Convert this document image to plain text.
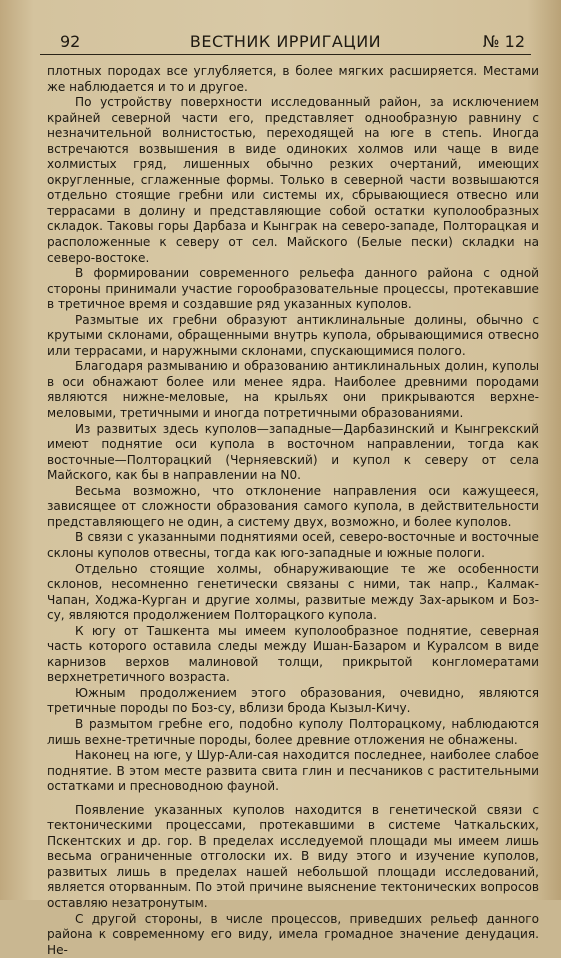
92	ВЕСТНИК ИРРИГАЦИИ	№ 12

плотных породах все углубляется, в более мягких расширяется. Местами же наблюдается и то и другое.

По устройству поверхности исследованный район, за исключением крайней северной части его, представляет однообразную равнину с незначительной волнистостью, переходящей на юге в степь. Иногда встречаются возвышения в виде одиноких холмов или чаще в виде холмистых гряд, лишенных обычно резких очертаний, имеющих округленные, сглаженные формы. Только в северной части возвышаются отдельно стоящие гребни или системы их, сбрывающиеся отвесно или террасами в долину и представляющие собой остатки куполообразных складок. Таковы горы Дарбаза и Кынграк на северо-западе, Полторацкая и расположенные к северу от сел. Майского (Белые пески) складки на северо-востоке.

В формировании современного рельефа данного района с одной стороны принимали участие горообразовательные процессы, протекавшие в третичное время и создавшие ряд указанных куполов.

Размытые их гребни образуют антиклинальные долины, обычно с крутыми склонами, обращенными внутрь купола, обрывающимися отвесно или террасами, и наружными склонами, спускающимися полого.

Благодаря размыванию и образованию антиклинальных долин, куполы в оси обнажают более или менее ядра. Наиболее древними породами являются нижне-меловые, на крыльях они прикрываются верхне-меловыми, третичными и иногда потретичными образованиями.

Из развитых здесь куполов—западные—Дарбазинский и Кынгрекский имеют поднятие оси купола в восточном направлении, тогда как восточные—Полторацкий (Черняевский) и купол к северу от села Майского, как бы в направлении на N0.

Весьма возможно, что отклонение направления оси кажущееся, зависящее от сложности образования самого купола, в действительности представляющего не один, а систему двух, возможно, и более куполов.

В связи с указанными поднятиями осей, северо-восточные и восточные склоны куполов отвесны, тогда как юго-западные и южные пологи.

Отдельно стоящие холмы, обнаруживающие те же особенности склонов, несомненно генетически связаны с ними, так напр., Калмак-Чапан, Ходжа-Курган и другие холмы, развитые между Зах-арыком и Боз-су, являются продолжением Полторацкого купола.

К югу от Ташкента мы имеем куполообразное поднятие, северная часть которого оставила следы между Ишан-Базаром и Куралсом в виде карнизов верхов малиновой толщи, прикрытой конгломератами верхнетретичного возраста.

Южным продолжением этого образования, очевидно, являются третичные породы по Боз-су, вблизи брода Кызыл-Кичу.

В размытом гребне его, подобно куполу Полторацкому, наблюдаются лишь вехне-третичные породы, более древние отложения не обнажены.

Наконец на юге, у Шур-Али-сая находится последнее, наиболее слабое поднятие. В этом месте развита свита глин и песчаников с растительными остатками и пресноводною фауной.

Появление указанных куполов находится в генетической связи с тектоническими процессами, протекавшими в системе Чаткальских, Пскентских и др. гор. В пределах исследуемой площади мы имеем лишь весьма ограниченные отголоски их. В виду этого и изучение куполов, развитых лишь в пределах нашей небольшой площади исследований, является оторванным. По этой причине выяснение тектонических вопросов оставляю незатронутым.

С другой стороны, в числе процессов, приведших рельеф данного района к современному его виду, имела громадное значение денудация. Не-
